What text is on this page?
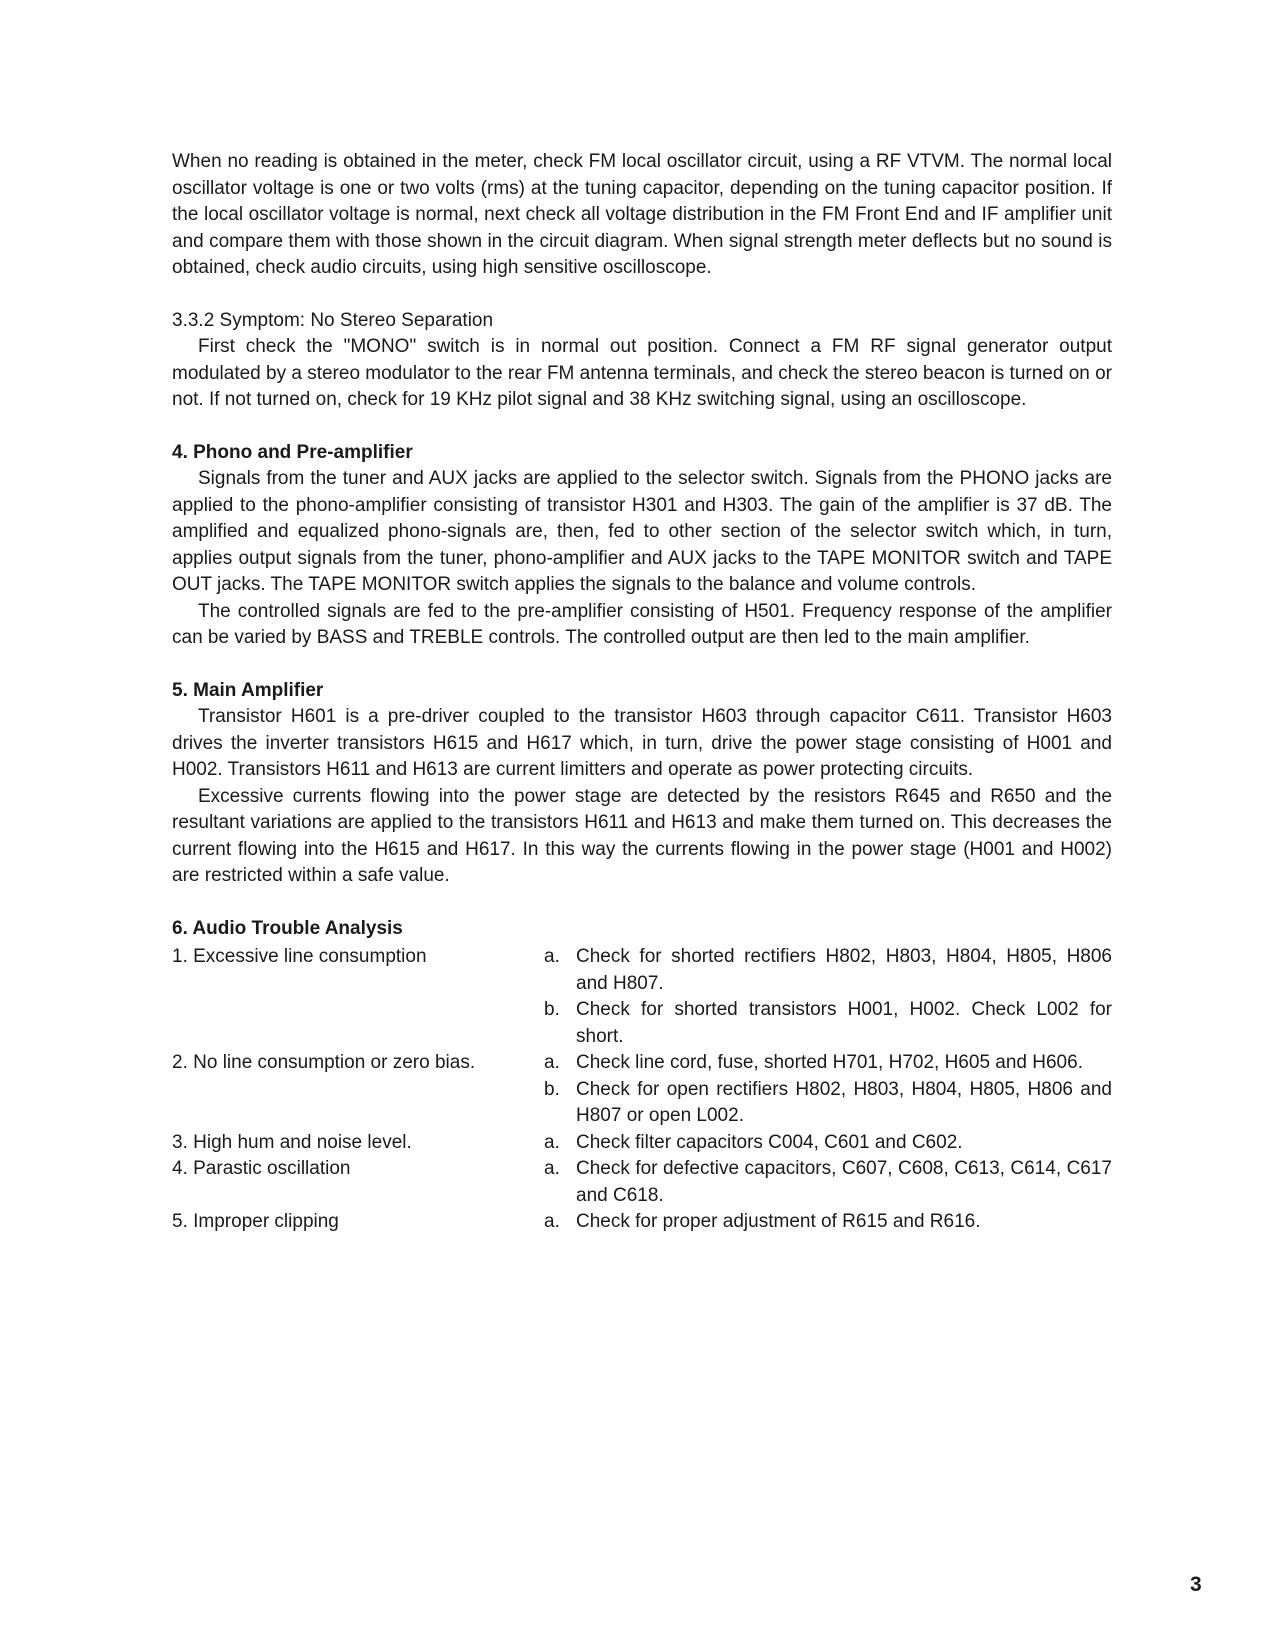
When no reading is obtained in the meter, check FM local oscillator circuit, using a RF VTVM. The normal local oscillator voltage is one or two volts (rms) at the tuning capacitor, depending on the tuning capacitor position. If the local oscillator voltage is normal, next check all voltage distribution in the FM Front End and IF amplifier unit and compare them with those shown in the circuit diagram. When signal strength meter deflects but no sound is obtained, check audio circuits, using high sensitive oscilloscope.

3.3.2 Symptom: No Stereo Separation

First check the "MONO" switch is in normal out position. Connect a FM RF signal generator output modulated by a stereo modulator to the rear FM antenna terminals, and check the stereo beacon is turned on or not. If not turned on, check for 19 KHz pilot signal and 38 KHz switching signal, using an oscilloscope.

4. Phono and Pre-amplifier

Signals from the tuner and AUX jacks are applied to the selector switch. Signals from the PHONO jacks are applied to the phono-amplifier consisting of transistor H301 and H303. The gain of the amplifier is 37 dB. The amplified and equalized phono-signals are, then, fed to other section of the selector switch which, in turn, applies output signals from the tuner, phono-amplifier and AUX jacks to the TAPE MONITOR switch and TAPE OUT jacks. The TAPE MONITOR switch applies the signals to the balance and volume controls.

The controlled signals are fed to the pre-amplifier consisting of H501. Frequency response of the amplifier can be varied by BASS and TREBLE controls. The controlled output are then led to the main amplifier.

5. Main Amplifier

Transistor H601 is a pre-driver coupled to the transistor H603 through capacitor C611. Transistor H603 drives the inverter transistors H615 and H617 which, in turn, drive the power stage consisting of H001 and H002. Transistors H611 and H613 are current limitters and operate as power protecting circuits.

Excessive currents flowing into the power stage are detected by the resistors R645 and R650 and the resultant variations are applied to the transistors H611 and H613 and make them turned on. This decreases the current flowing into the H615 and H617. In this way the currents flowing in the power stage (H001 and H002) are restricted within a safe value.

6. Audio Trouble Analysis

1. Excessive line consumption	a. Check for shorted rectifiers H802, H803, H804, H805, H806 and H807.
b. Check for shorted transistors H001, H002. Check L002 for short.
2. No line consumption or zero bias.	a. Check line cord, fuse, shorted H701, H702, H605 and H606.
b. Check for open rectifiers H802, H803, H804, H805, H806 and H807 or open L002.
3. High hum and noise level.	a. Check filter capacitors C004, C601 and C602.
4. Parastic oscillation	a. Check for defective capacitors, C607, C608, C613, C614, C617 and C618.
5. Improper clipping	a. Check for proper adjustment of R615 and R616.
3
